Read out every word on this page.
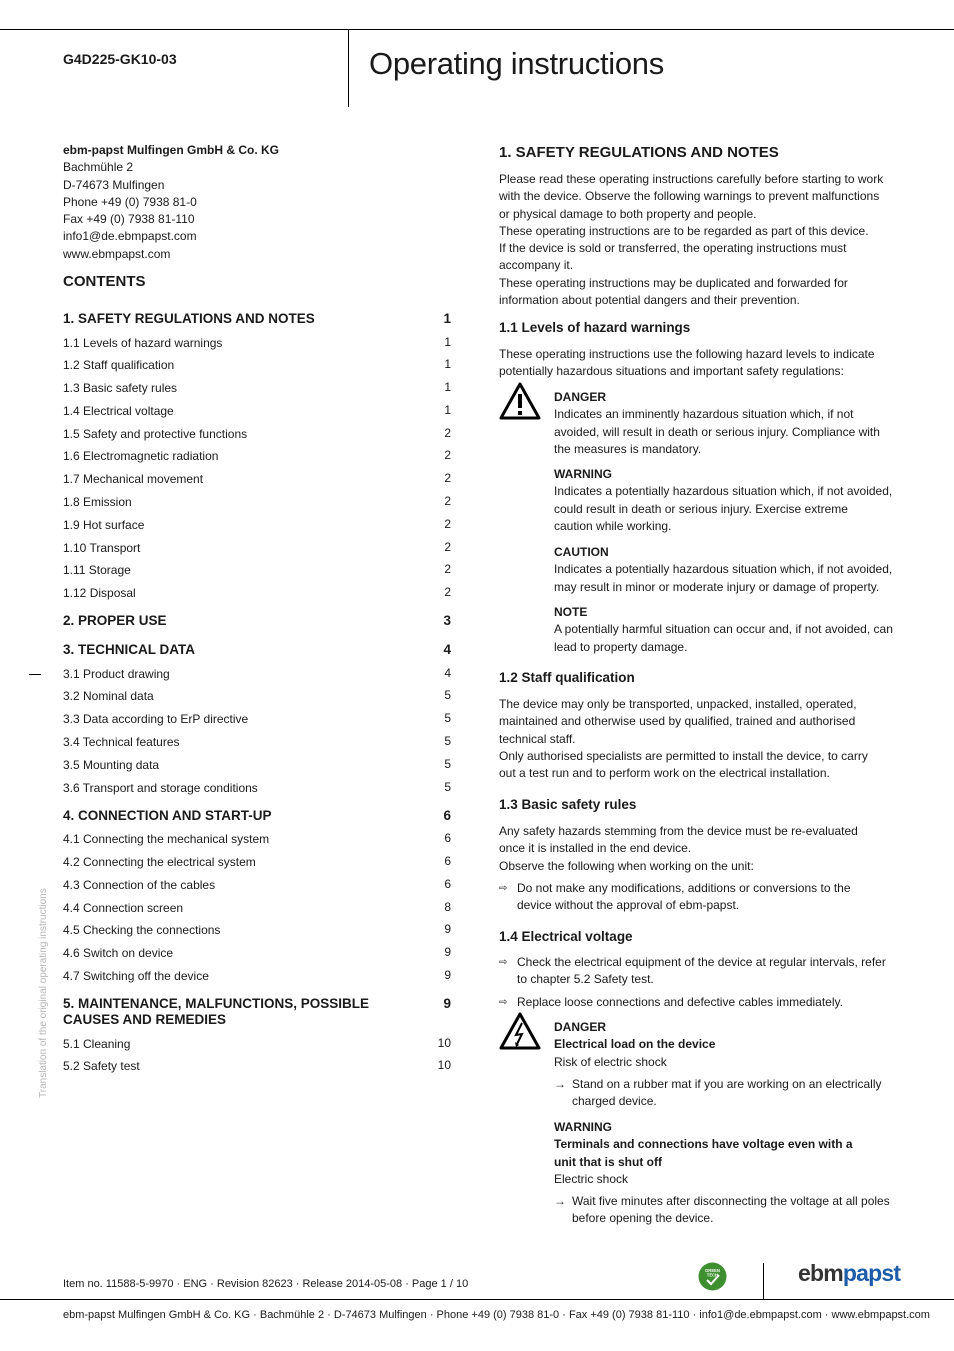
G4D225-GK10-03	Operating instructions
ebm-papst Mulfingen GmbH & Co. KG
Bachmühle 2
D-74673 Mulfingen
Phone +49 (0) 7938 81-0
Fax +49 (0) 7938 81-110
info1@de.ebmpapst.com
www.ebmpapst.com
CONTENTS
1. SAFETY REGULATIONS AND NOTES	1
1.1 Levels of hazard warnings	1
1.2 Staff qualification	1
1.3 Basic safety rules	1
1.4 Electrical voltage	1
1.5 Safety and protective functions	2
1.6 Electromagnetic radiation	2
1.7 Mechanical movement	2
1.8 Emission	2
1.9 Hot surface	2
1.10 Transport	2
1.11 Storage	2
1.12 Disposal	2
2. PROPER USE	3
3. TECHNICAL DATA	4
3.1 Product drawing	4
3.2 Nominal data	5
3.3 Data according to ErP directive	5
3.4 Technical features	5
3.5 Mounting data	5
3.6 Transport and storage conditions	5
4. CONNECTION AND START-UP	6
4.1 Connecting the mechanical system	6
4.2 Connecting the electrical system	6
4.3 Connection of the cables	6
4.4 Connection screen	8
4.5 Checking the connections	9
4.6 Switch on device	9
4.7 Switching off the device	9
5. MAINTENANCE, MALFUNCTIONS, POSSIBLE CAUSES AND REMEDIES
9
5.1 Cleaning	10
5.2 Safety test	10
Translation of the original operating instructions
1. SAFETY REGULATIONS AND NOTES
Please read these operating instructions carefully before starting to work
with the device. Observe the following warnings to prevent malfunctions
or physical damage to both property and people.
These operating instructions are to be regarded as part of this device.
If the device is sold or transferred, the operating instructions must
accompany it.
These operating instructions may be duplicated and forwarded for
information about potential dangers and their prevention.
1.1 Levels of hazard warnings
These operating instructions use the following hazard levels to indicate
potentially hazardous situations and important safety regulations:
DANGER
Indicates an imminently hazardous situation which, if not
avoided, will result in death or serious injury. Compliance with
the measures is mandatory.
WARNING
Indicates a potentially hazardous situation which, if not avoided,
could result in death or serious injury. Exercise extreme
caution while working.
CAUTION
Indicates a potentially hazardous situation which, if not avoided,
may result in minor or moderate injury or damage of property.
NOTE
A potentially harmful situation can occur and, if not avoided, can
lead to property damage.
1.2 Staff qualification
The device may only be transported, unpacked, installed, operated,
maintained and otherwise used by qualified, trained and authorised
technical staff.
Only authorised specialists are permitted to install the device, to carry
out a test run and to perform work on the electrical installation.
1.3 Basic safety rules
Any safety hazards stemming from the device must be re-evaluated
once it is installed in the end device.
Observe the following when working on the unit:
⇨ Do not make any modifications, additions or conversions to the
device without the approval of ebm-papst.
1.4 Electrical voltage
⇨ Check the electrical equipment of the device at regular intervals, refer
to chapter 5.2 Safety test.
⇨ Replace loose connections and defective cables immediately.
DANGER
Electrical load on the device
Risk of electric shock
→ Stand on a rubber mat if you are working on an electrically
charged device.
WARNING
Terminals and connections have voltage even with a
unit that is shut off
Electric shock
→ Wait five minutes after disconnecting the voltage at all poles
before opening the device.
Item no. 11588-5-9970 · ENG · Revision 82623 · Release 2014-05-08 · Page 1 / 10
GREEN
TECH	ebmpapst
ebm-papst Mulfingen GmbH & Co. KG · Bachmühle 2 · D-74673 Mulfingen · Phone +49 (0) 7938 81-0 · Fax +49 (0) 7938 81-110 · info1@de.ebmpapst.com · www.ebmpapst.com
